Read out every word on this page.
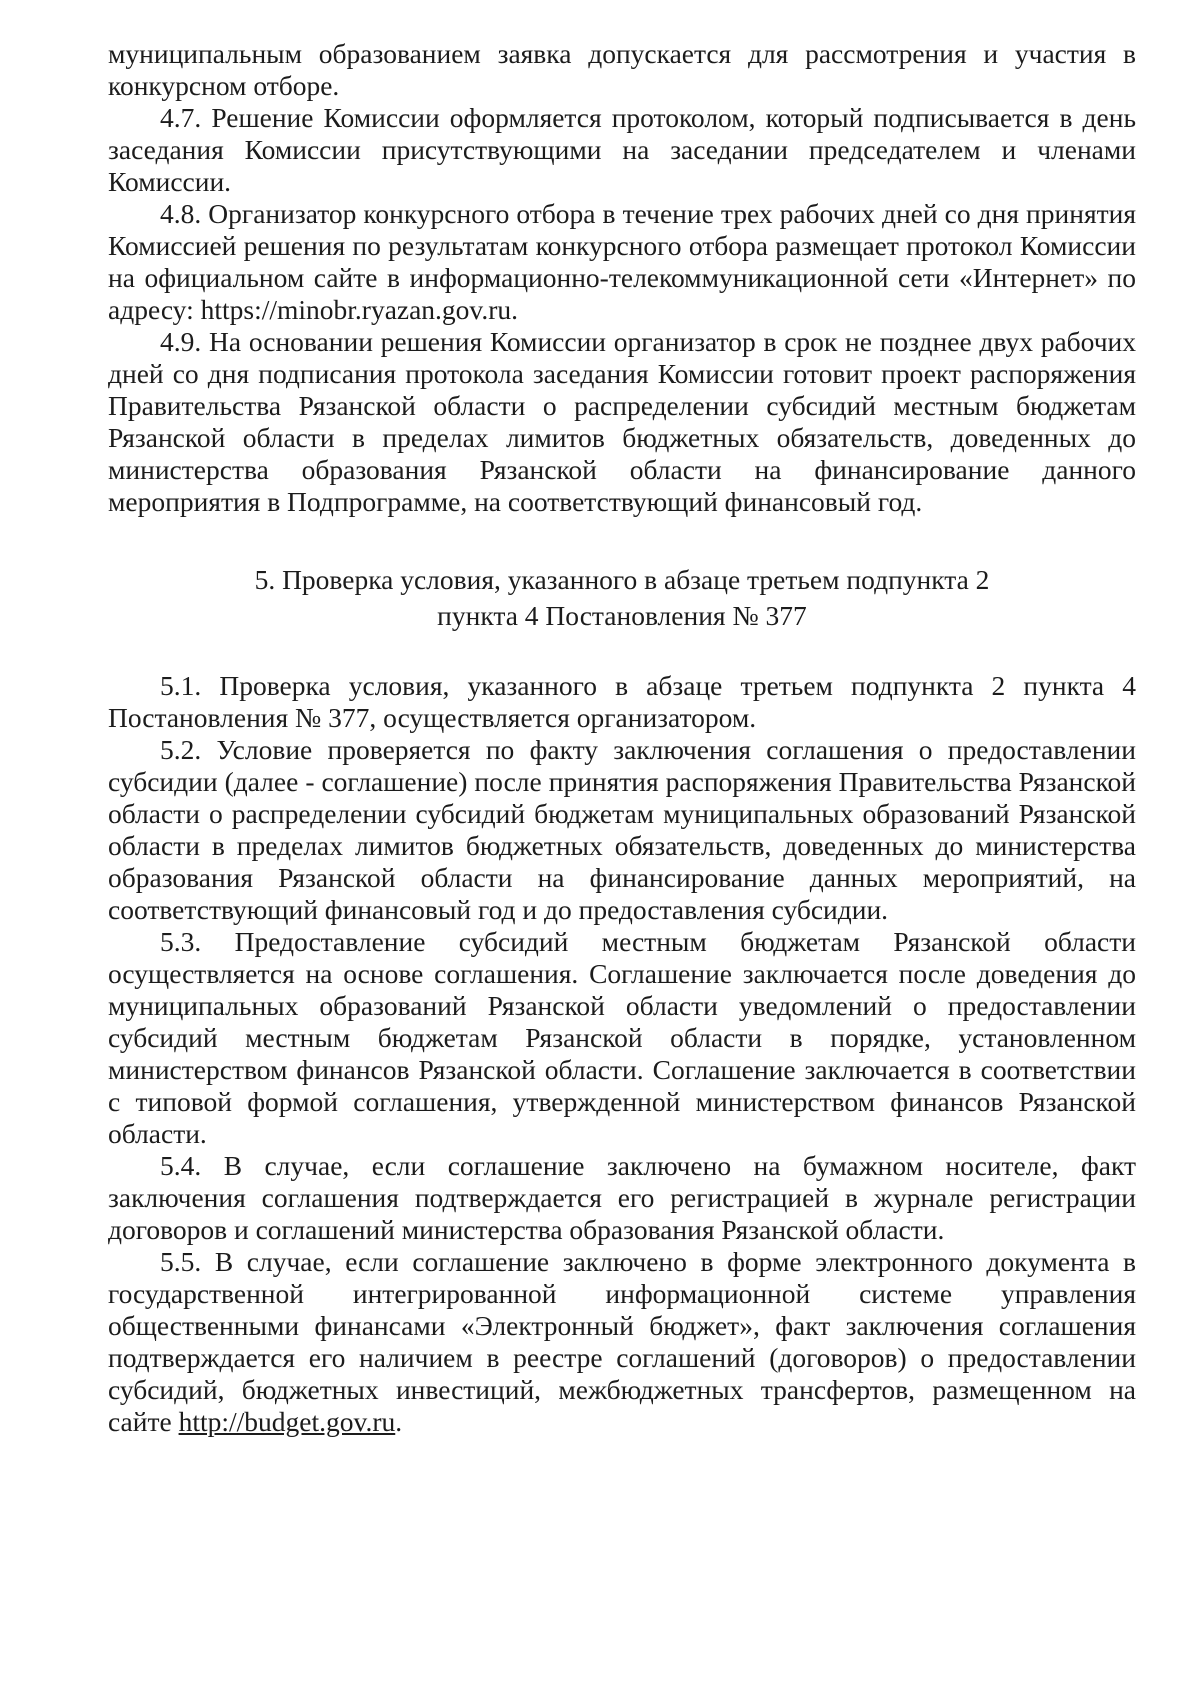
муниципальным образованием заявка допускается для рассмотрения и участия в конкурсном отборе.

4.7. Решение Комиссии оформляется протоколом, который подписывается в день заседания Комиссии присутствующими на заседании председателем и членами Комиссии.

4.8. Организатор конкурсного отбора в течение трех рабочих дней со дня принятия Комиссией решения по результатам конкурсного отбора размещает протокол Комиссии на официальном сайте в информационно-телекоммуникационной сети «Интернет» по адресу: https://minobr.ryazan.gov.ru.

4.9. На основании решения Комиссии организатор в срок не позднее двух рабочих дней со дня подписания протокола заседания Комиссии готовит проект распоряжения Правительства Рязанской области о распределении субсидий местным бюджетам Рязанской области в пределах лимитов бюджетных обязательств, доведенных до министерства образования Рязанской области на финансирование данного мероприятия в Подпрограмме, на соответствующий финансовый год.

5. Проверка условия, указанного в абзаце третьем подпункта 2
пункта 4 Постановления № 377

5.1. Проверка условия, указанного в абзаце третьем подпункта 2 пункта 4 Постановления № 377, осуществляется организатором.

5.2. Условие проверяется по факту заключения соглашения о предоставлении субсидии (далее - соглашение) после принятия распоряжения Правительства Рязанской области о распределении субсидий бюджетам муниципальных образований Рязанской области в пределах лимитов бюджетных обязательств, доведенных до министерства образования Рязанской области на финансирование данных мероприятий, на соответствующий финансовый год и до предоставления субсидии.

5.3. Предоставление субсидий местным бюджетам Рязанской области осуществляется на основе соглашения. Соглашение заключается после доведения до муниципальных образований Рязанской области уведомлений о предоставлении субсидий местным бюджетам Рязанской области в порядке, установленном министерством финансов Рязанской области. Соглашение заключается в соответствии с типовой формой соглашения, утвержденной министерством финансов Рязанской области.

5.4. В случае, если соглашение заключено на бумажном носителе, факт заключения соглашения подтверждается его регистрацией в журнале регистрации договоров и соглашений министерства образования Рязанской области.

5.5. В случае, если соглашение заключено в форме электронного документа в государственной интегрированной информационной системе управления общественными финансами «Электронный бюджет», факт заключения соглашения подтверждается его наличием в реестре соглашений (договоров) о предоставлении субсидий, бюджетных инвестиций, межбюджетных трансфертов, размещенном на сайте http://budget.gov.ru.
